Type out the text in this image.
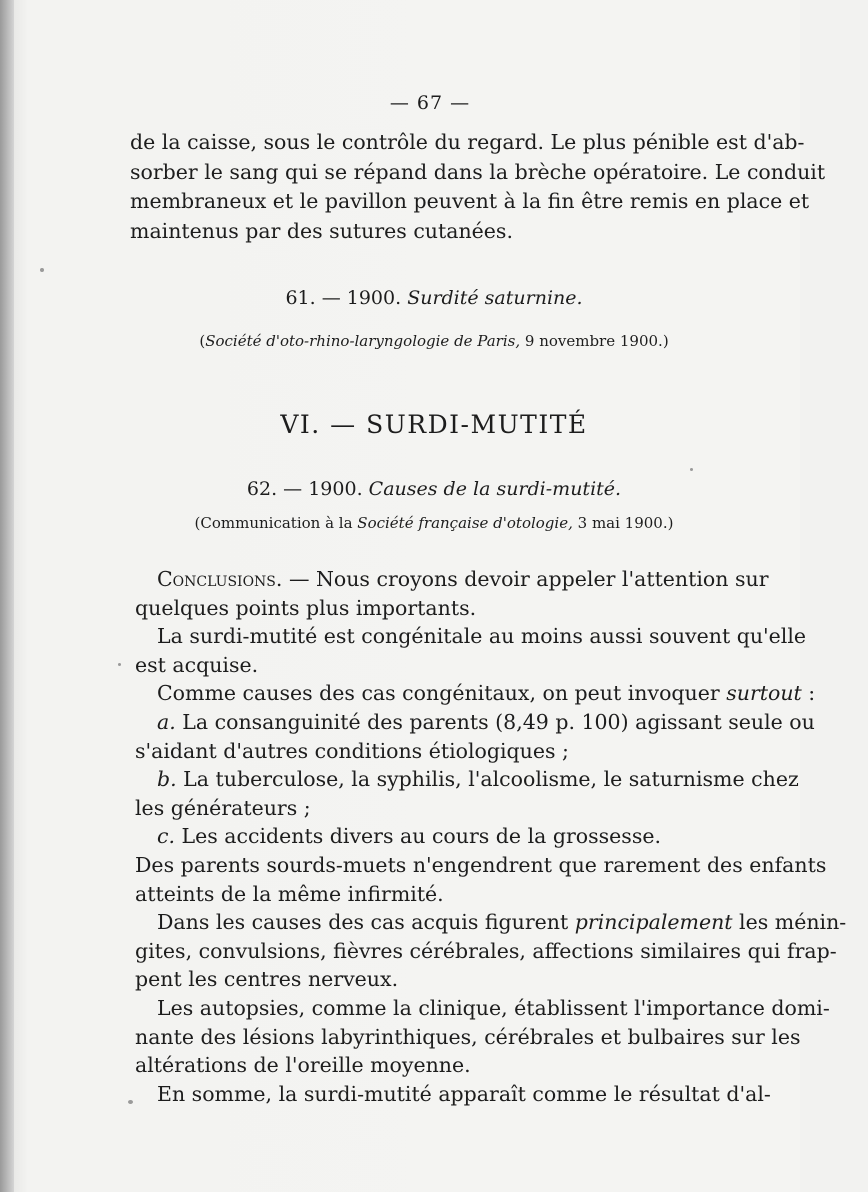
— 67 —
de la caisse, sous le contrôle du regard. Le plus pénible est d'ab-
sorber le sang qui se répand dans la brèche opératoire. Le conduit
membraneux et le pavillon peuvent à la fin être remis en place et
maintenus par des sutures cutanées.
61. — 1900. Surdité saturnine.
(Société d'oto-rhino-laryngologie de Paris, 9 novembre 1900.)
VI. — SURDI-MUTITÉ
62. — 1900. Causes de la surdi-mutité.
(Communication à la Société française d'otologie, 3 mai 1900.)
Conclusions. — Nous croyons devoir appeler l'attention sur
quelques points plus importants.
La surdi-mutité est congénitale au moins aussi souvent qu'elle
est acquise.
Comme causes des cas congénitaux, on peut invoquer surtout :
a. La consanguinité des parents (8,49 p. 100) agissant seule ou
s'aidant d'autres conditions étiologiques ;
b. La tuberculose, la syphilis, l'alcoolisme, le saturnisme chez
les générateurs ;
c. Les accidents divers au cours de la grossesse.
Des parents sourds-muets n'engendrent que rarement des enfants
atteints de la même infirmité.
Dans les causes des cas acquis figurent principalement les ménin-
gites, convulsions, fièvres cérébrales, affections similaires qui frap-
pent les centres nerveux.
Les autopsies, comme la clinique, établissent l'importance domi-
nante des lésions labyrinthiques, cérébrales et bulbaires sur les
altérations de l'oreille moyenne.
En somme, la surdi-mutité apparaît comme le résultat d'al-
